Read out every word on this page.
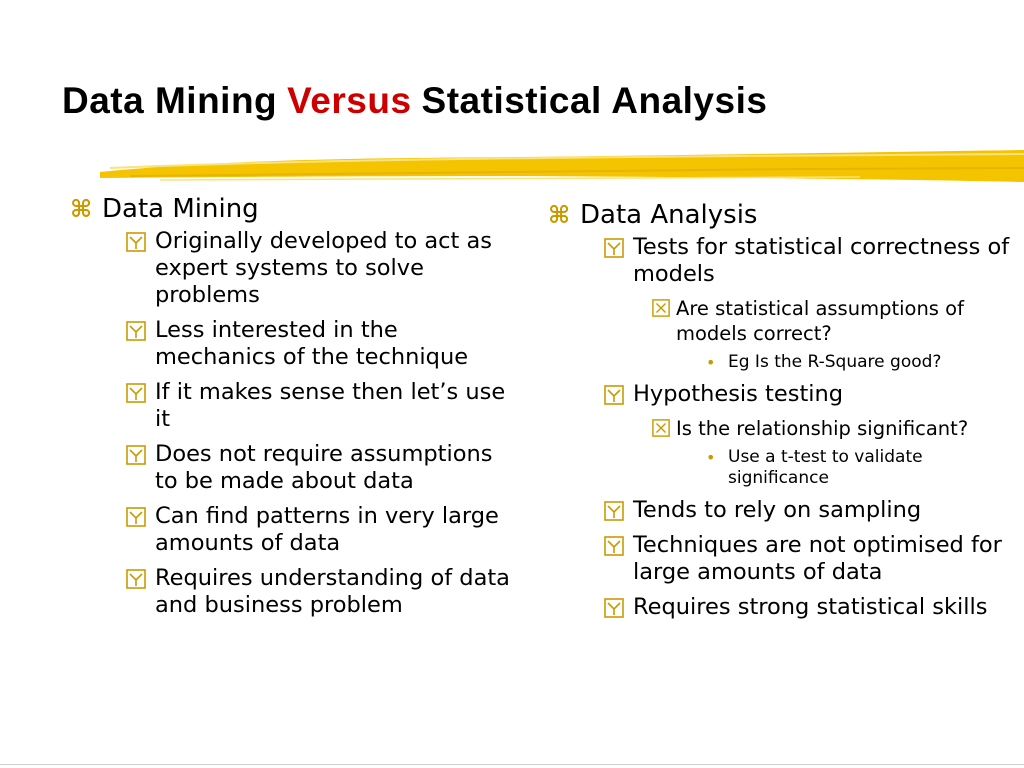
Data Mining Versus Statistical Analysis
⌘ Data Mining
Originally developed to act as expert systems to solve problems
Less interested in the mechanics of the technique
If it makes sense then let’s use it
Does not require assumptions to be made about data
Can find patterns in very large amounts of data
Requires understanding of data and business problem
⌘ Data Analysis
Tests for statistical correctness of models
Are statistical assumptions of models correct?
• Eg Is the R-Square good?
Hypothesis testing
Is the relationship significant?
• Use a t-test to validate significance
Tends to rely on sampling
Techniques are not optimised for large amounts of data
Requires strong statistical skills
